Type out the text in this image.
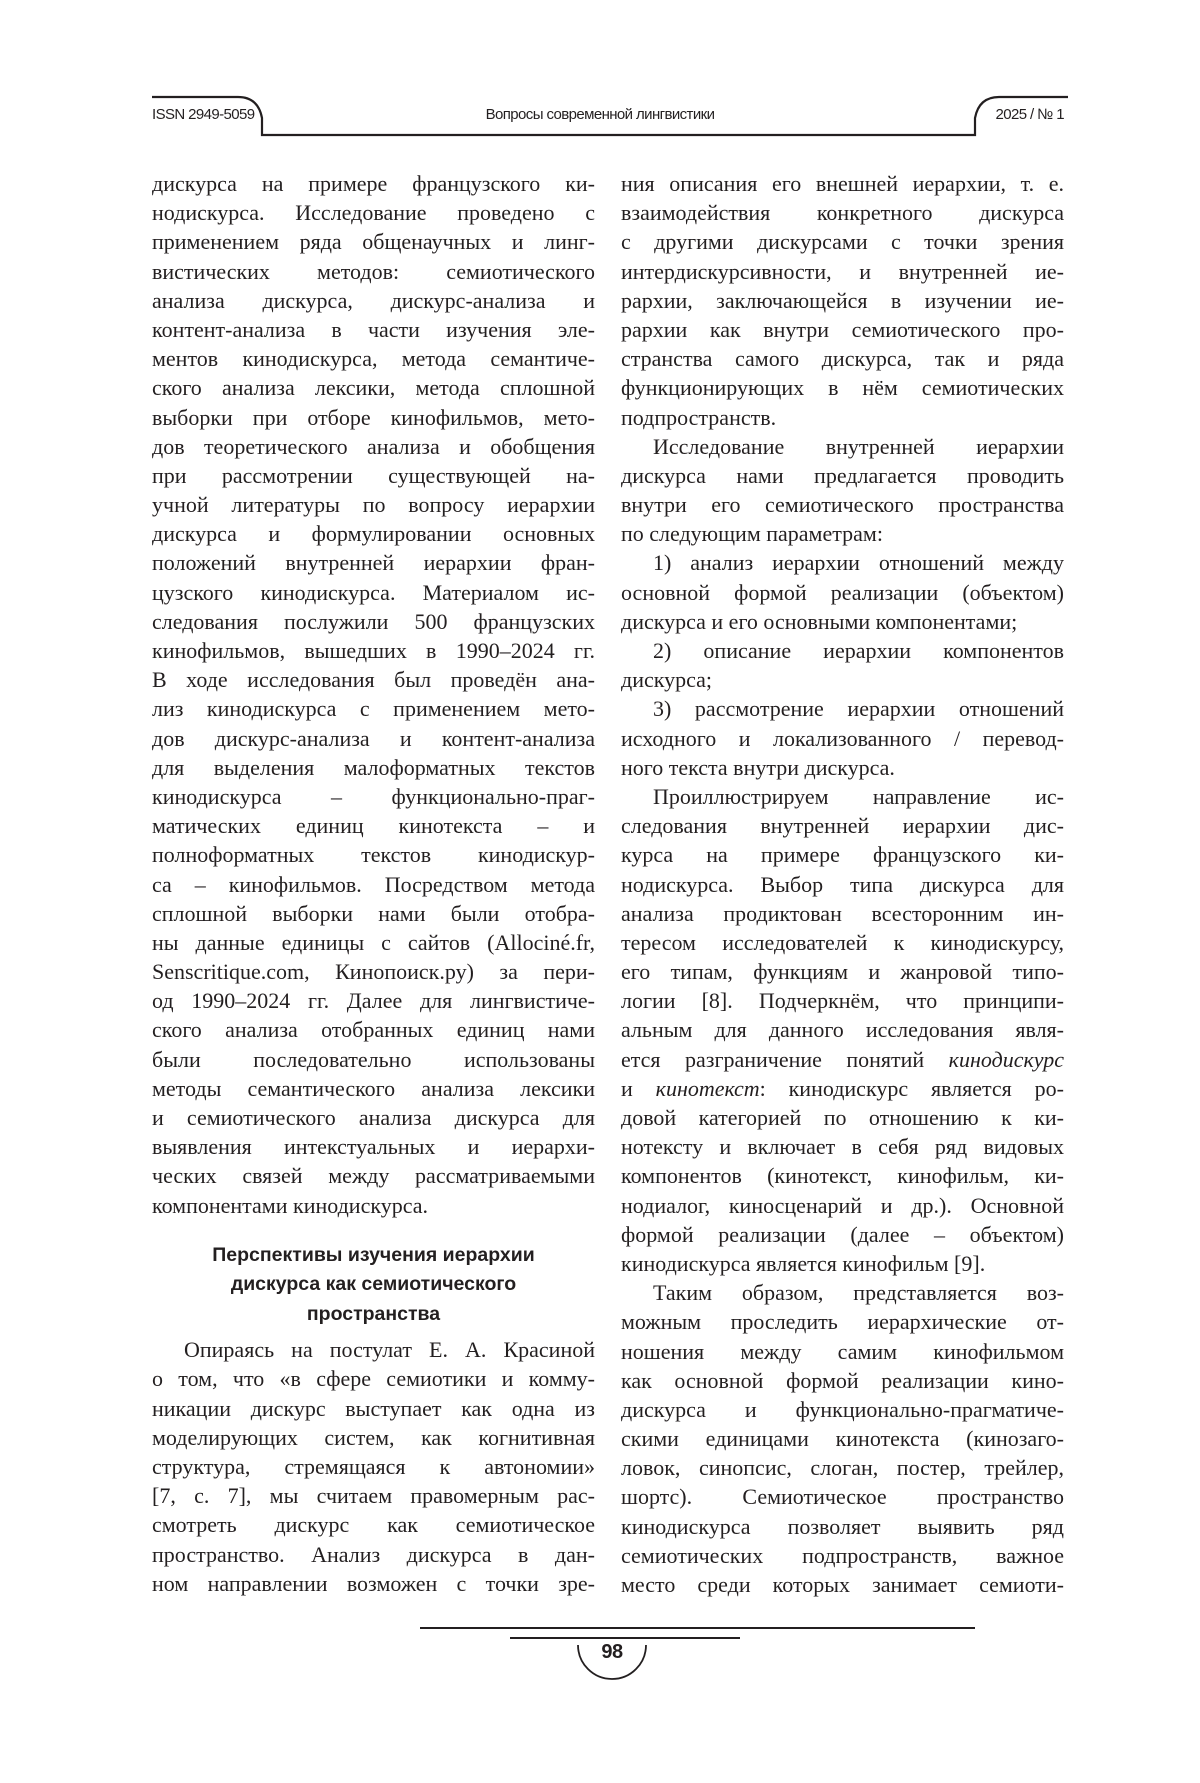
ISSN 2949-5059	Вопросы современной лингвистики	2025 / № 1
дискурса на примере французского ки-
нодискурса. Исследование проведено с
применением ряда общенаучных и линг-
вистических методов: семиотического
анализа дискурса, дискурс-анализа и
контент-анализа в части изучения эле-
ментов кинодискурса, метода семантиче-
ского анализа лексики, метода сплошной
выборки при отборе кинофильмов, мето-
дов теоретического анализа и обобщения
при рассмотрении существующей на-
учной литературы по вопросу иерархии
дискурса и формулировании основных
положений внутренней иерархии фран-
цузского кинодискурса. Материалом ис-
следования послужили 500 французских
кинофильмов, вышедших в 1990–2024 гг.
В ходе исследования был проведён ана-
лиз кинодискурса с применением мето-
дов дискурс-анализа и контент-анализа
для выделения малоформатных текстов
кинодискурса – функционально-праг-
матических единиц кинотекста – и
полноформатных текстов кинодискур-
са – кинофильмов. Посредством метода
сплошной выборки нами были отобра-
ны данные единицы с сайтов (Allociné.fr,
Senscritique.com, Кинопоиск.ру) за пери-
од 1990–2024 гг. Далее для лингвистиче-
ского анализа отобранных единиц нами
были последовательно использованы
методы семантического анализа лексики
и семиотического анализа дискурса для
выявления интекстуальных и иерархи-
ческих связей между рассматриваемыми
компонентами кинодискурса.
Перспективы изучения иерархии
дискурса как семиотического
пространства
Опираясь на постулат Е. А. Красиной
о том, что «в сфере семиотики и комму-
никации дискурс выступает как одна из
моделирующих систем, как когнитивная
структура, стремящаяся к автономии»
[7, с. 7], мы считаем правомерным рас-
смотреть дискурс как семиотическое
пространство. Анализ дискурса в дан-
ном направлении возможен с точки зре-
ния описания его внешней иерархии, т. е.
взаимодействия конкретного дискурса
с другими дискурсами с точки зрения
интердискурсивности, и внутренней ие-
рархии, заключающейся в изучении ие-
рархии как внутри семиотического про-
странства самого дискурса, так и ряда
функционирующих в нём семиотических
подпространств.
Исследование внутренней иерархии
дискурса нами предлагается проводить
внутри его семиотического пространства
по следующим параметрам:
1) анализ иерархии отношений между
основной формой реализации (объектом)
дискурса и его основными компонентами;
2) описание иерархии компонентов
дискурса;
3) рассмотрение иерархии отношений
исходного и локализованного / перевод-
ного текста внутри дискурса.
Проиллюстрируем направление ис-
следования внутренней иерархии дис-
курса на примере французского ки-
нодискурса. Выбор типа дискурса для
анализа продиктован всесторонним ин-
тересом исследователей к кинодискурсу,
его типам, функциям и жанровой типо-
логии [8]. Подчеркнём, что принципи-
альным для данного исследования явля-
ется разграничение понятий кинодискурс
и кинотекст: кинодискурс является ро-
довой категорией по отношению к ки-
нотексту и включает в себя ряд видовых
компонентов (кинотекст, кинофильм, ки-
нодиалог, киносценарий и др.). Основной
формой реализации (далее – объектом)
кинодискурса является кинофильм [9].
Таким образом, представляется воз-
можным проследить иерархические от-
ношения между самим кинофильмом
как основной формой реализации кино-
дискурса и функционально-прагматиче-
скими единицами кинотекста (кинозаго-
ловок, синопсис, слоган, постер, трейлер,
шортс). Семиотическое пространство
кинодискурса позволяет выявить ряд
семиотических подпространств, важное
место среди которых занимает семиоти-
98
